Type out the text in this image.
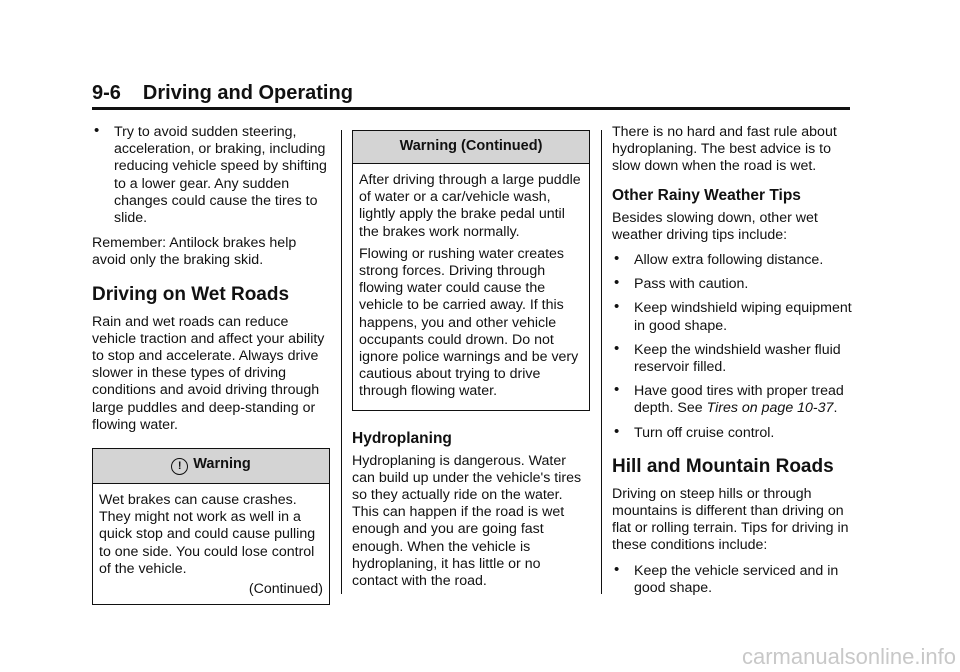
9-6 Driving and Operating
• Try to avoid sudden steering, acceleration, or braking, including reducing vehicle speed by shifting to a lower gear. Any sudden changes could cause the tires to slide.

Remember: Antilock brakes help avoid only the braking skid.

Driving on Wet Roads

Rain and wet roads can reduce vehicle traction and affect your ability to stop and accelerate. Always drive slower in these types of driving conditions and avoid driving through large puddles and deep-standing or flowing water.

! Warning

Wet brakes can cause crashes. They might not work as well in a quick stop and could cause pulling to one side. You could lose control of the vehicle.

(Continued)
Warning (Continued)

After driving through a large puddle of water or a car/vehicle wash, lightly apply the brake pedal until the brakes work normally.

Flowing or rushing water creates strong forces. Driving through flowing water could cause the vehicle to be carried away. If this happens, you and other vehicle occupants could drown. Do not ignore police warnings and be very cautious about trying to drive through flowing water.

Hydroplaning

Hydroplaning is dangerous. Water can build up under the vehicle's tires so they actually ride on the water. This can happen if the road is wet enough and you are going fast enough. When the vehicle is hydroplaning, it has little or no contact with the road.

There is no hard and fast rule about hydroplaning. The best advice is to slow down when the road is wet.

Other Rainy Weather Tips

Besides slowing down, other wet weather driving tips include:

• Allow extra following distance.
• Pass with caution.
• Keep windshield wiping equipment in good shape.
• Keep the windshield washer fluid reservoir filled.
• Have good tires with proper tread depth. See Tires on page 10-37.
• Turn off cruise control.
Hill and Mountain Roads

Driving on steep hills or through mountains is different than driving on flat or rolling terrain. Tips for driving in these conditions include:

• Keep the vehicle serviced and in good shape.
carmanualsonline.info
